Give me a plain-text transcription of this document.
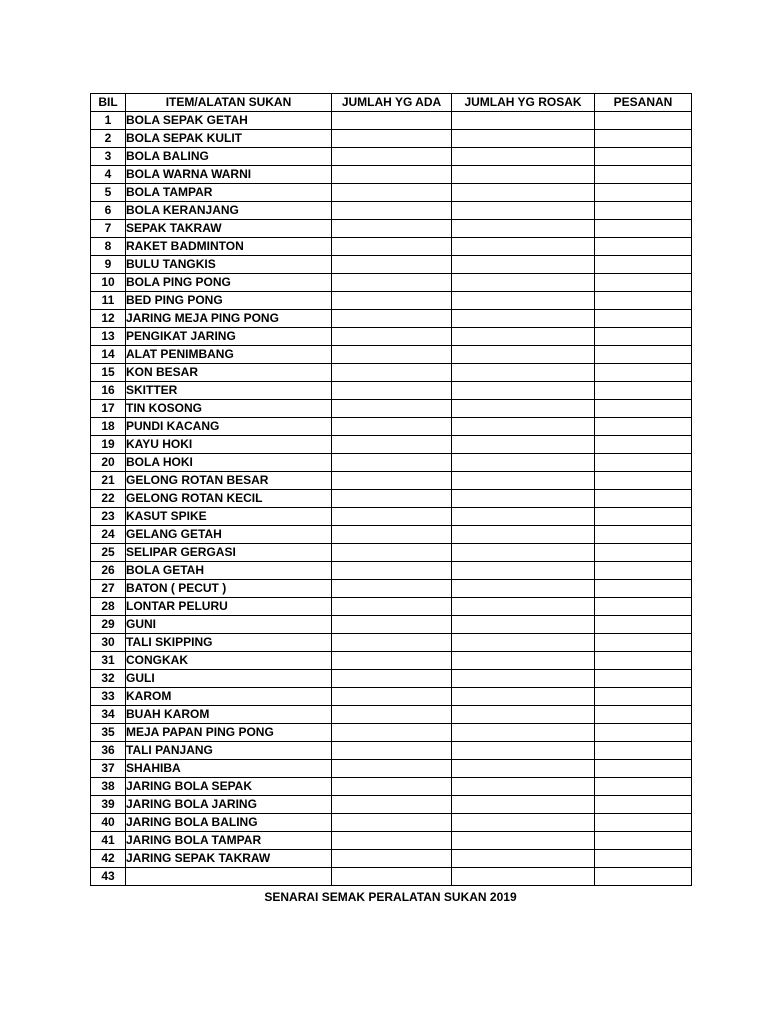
BIL	ITEM/ALATAN SUKAN	JUMLAH YG ADA	JUMLAH YG ROSAK	PESANAN
1	BOLA SEPAK GETAH			
2	BOLA SEPAK KULIT			
3	BOLA BALING			
4	BOLA WARNA WARNI			
5	BOLA TAMPAR			
6	BOLA KERANJANG			
7	SEPAK TAKRAW			
8	RAKET BADMINTON			
9	BULU TANGKIS			
10	BOLA PING PONG			
11	BED PING PONG			
12	JARING MEJA PING PONG			
13	PENGIKAT JARING			
14	ALAT PENIMBANG			
15	KON BESAR			
16	SKITTER			
17	TIN KOSONG			
18	PUNDI KACANG			
19	KAYU HOKI			
20	BOLA HOKI			
21	GELONG ROTAN BESAR			
22	GELONG ROTAN KECIL			
23	KASUT SPIKE			
24	GELANG GETAH			
25	SELIPAR GERGASI			
26	BOLA GETAH			
27	BATON ( PECUT )			
28	LONTAR PELURU			
29	GUNI			
30	TALI SKIPPING			
31	CONGKAK			
32	GULI			
33	KAROM			
34	BUAH KAROM			
35	MEJA PAPAN PING PONG			
36	TALI PANJANG			
37	SHAHIBA			
38	JARING BOLA SEPAK			
39	JARING BOLA JARING			
40	JARING BOLA BALING			
41	JARING BOLA TAMPAR			
42	JARING SEPAK TAKRAW			
43				
SENARAI SEMAK PERALATAN SUKAN 2019
